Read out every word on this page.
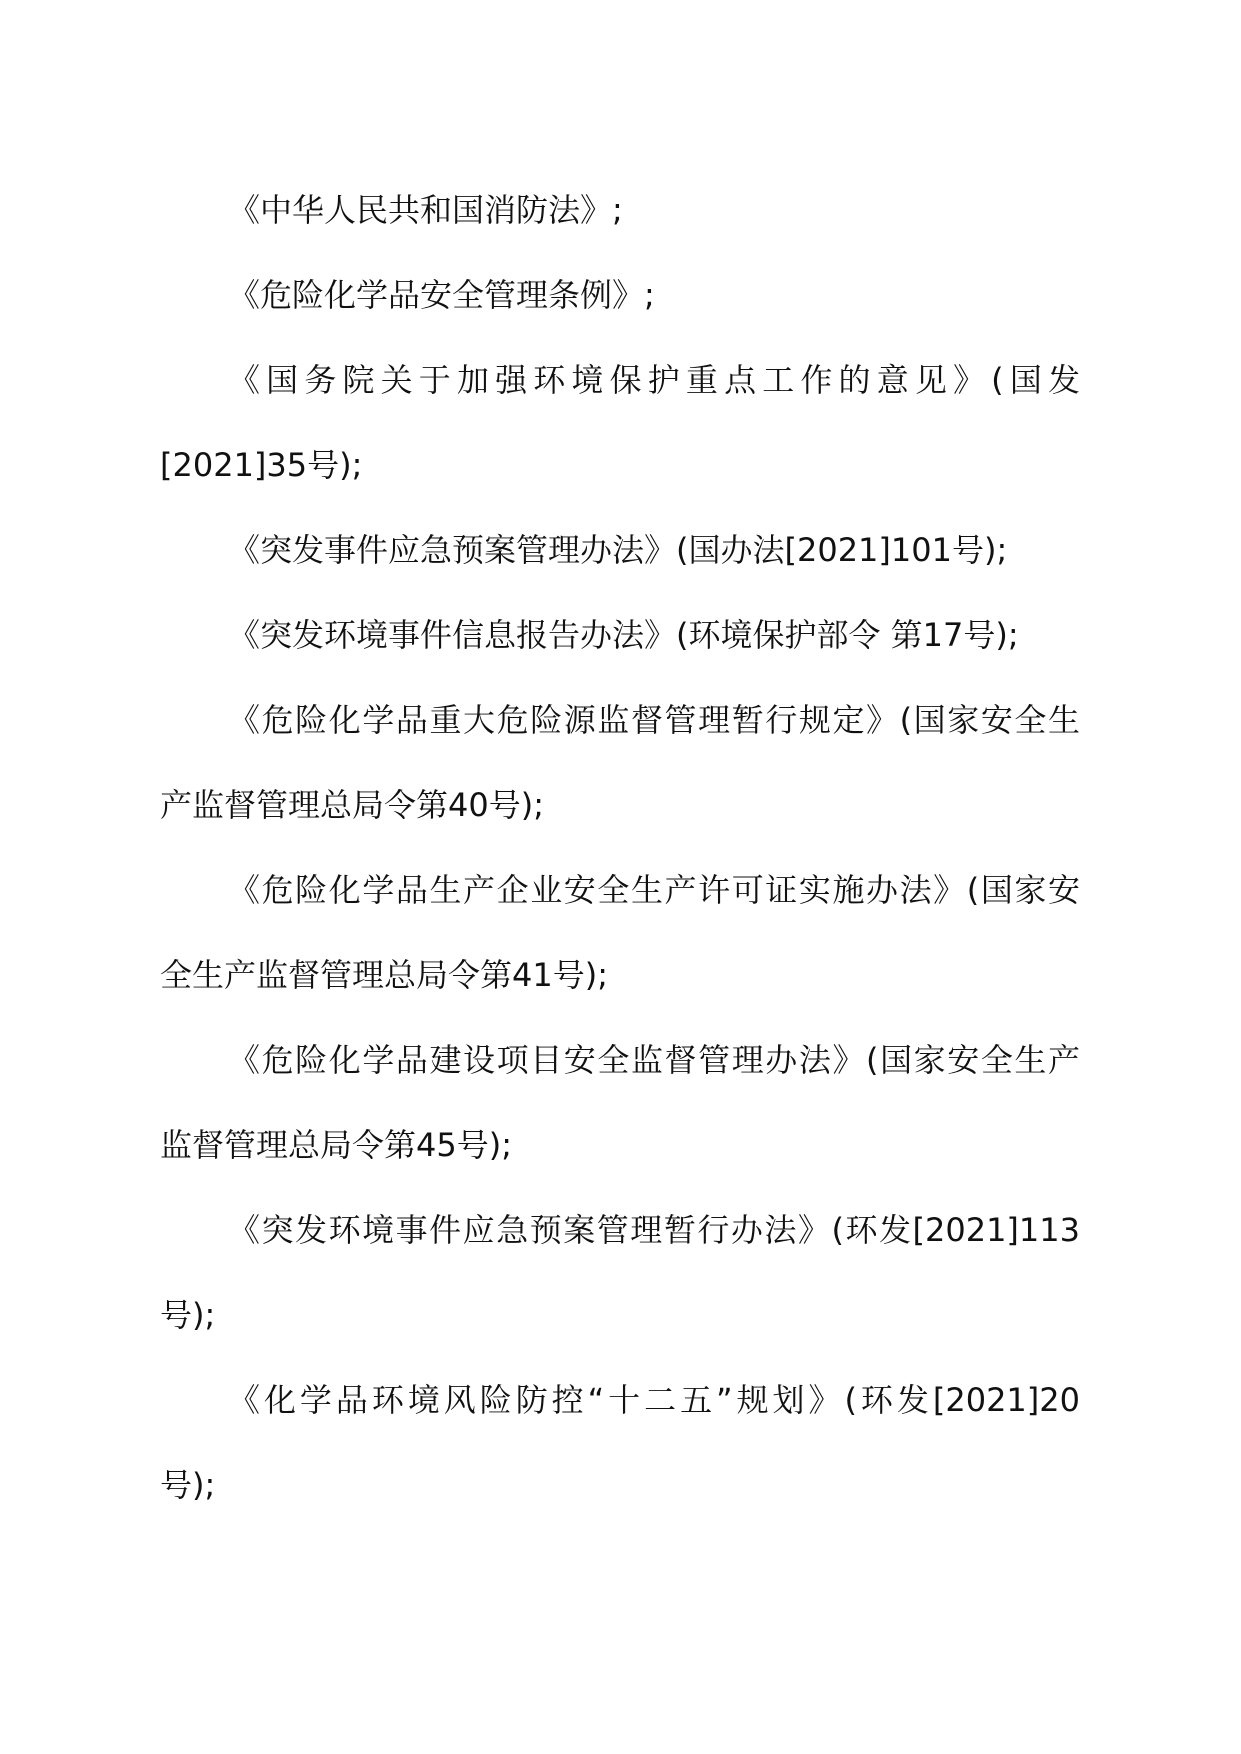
《中华人民共和国消防法》;
《危险化学品安全管理条例》;
《国务院关于加强环境保护重点工作的意见》(国发
[2021]35号);
《突发事件应急预案管理办法》(国办法[2021]101号);
《突发环境事件信息报告办法》(环境保护部令 第17号);
《危险化学品重大危险源监督管理暂行规定》(国家安全生
产监督管理总局令第40号);
《危险化学品生产企业安全生产许可证实施办法》(国家安
全生产监督管理总局令第41号);
《危险化学品建设项目安全监督管理办法》(国家安全生产
监督管理总局令第45号);
《突发环境事件应急预案管理暂行办法》(环发[2021]113
号);
《化学品环境风险防控“十二五”规划》(环发[2021]20
号);
